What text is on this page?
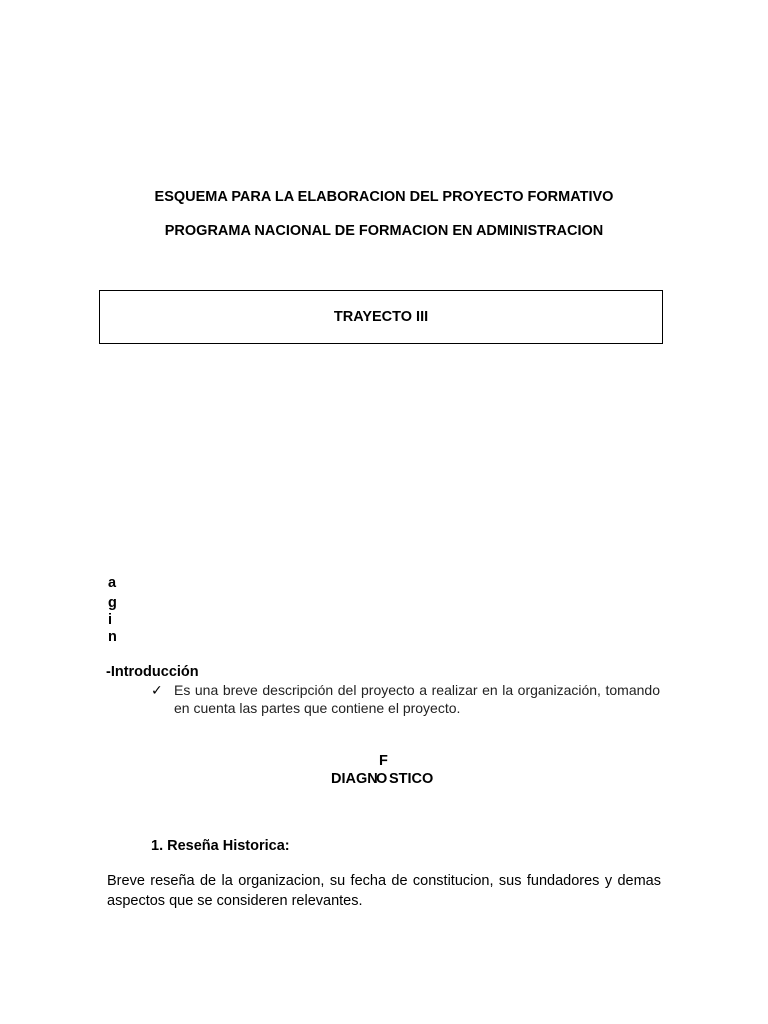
ESQUEMA PARA LA ELABORACION DEL PROYECTO FORMATIVO
PROGRAMA NACIONAL DE FORMACION EN ADMINISTRACION
TRAYECTO III
a
g
i
n
-Introducción
✓ Es una breve descripción del proyecto a realizar en la organización, tomando en cuenta las partes que contiene el proyecto.
F
DIAGN
O STICO
1. Reseña Historica:
Breve reseña de la organizacion, su fecha de constitucion, sus fundadores y demas aspectos que se consideren relevantes.
